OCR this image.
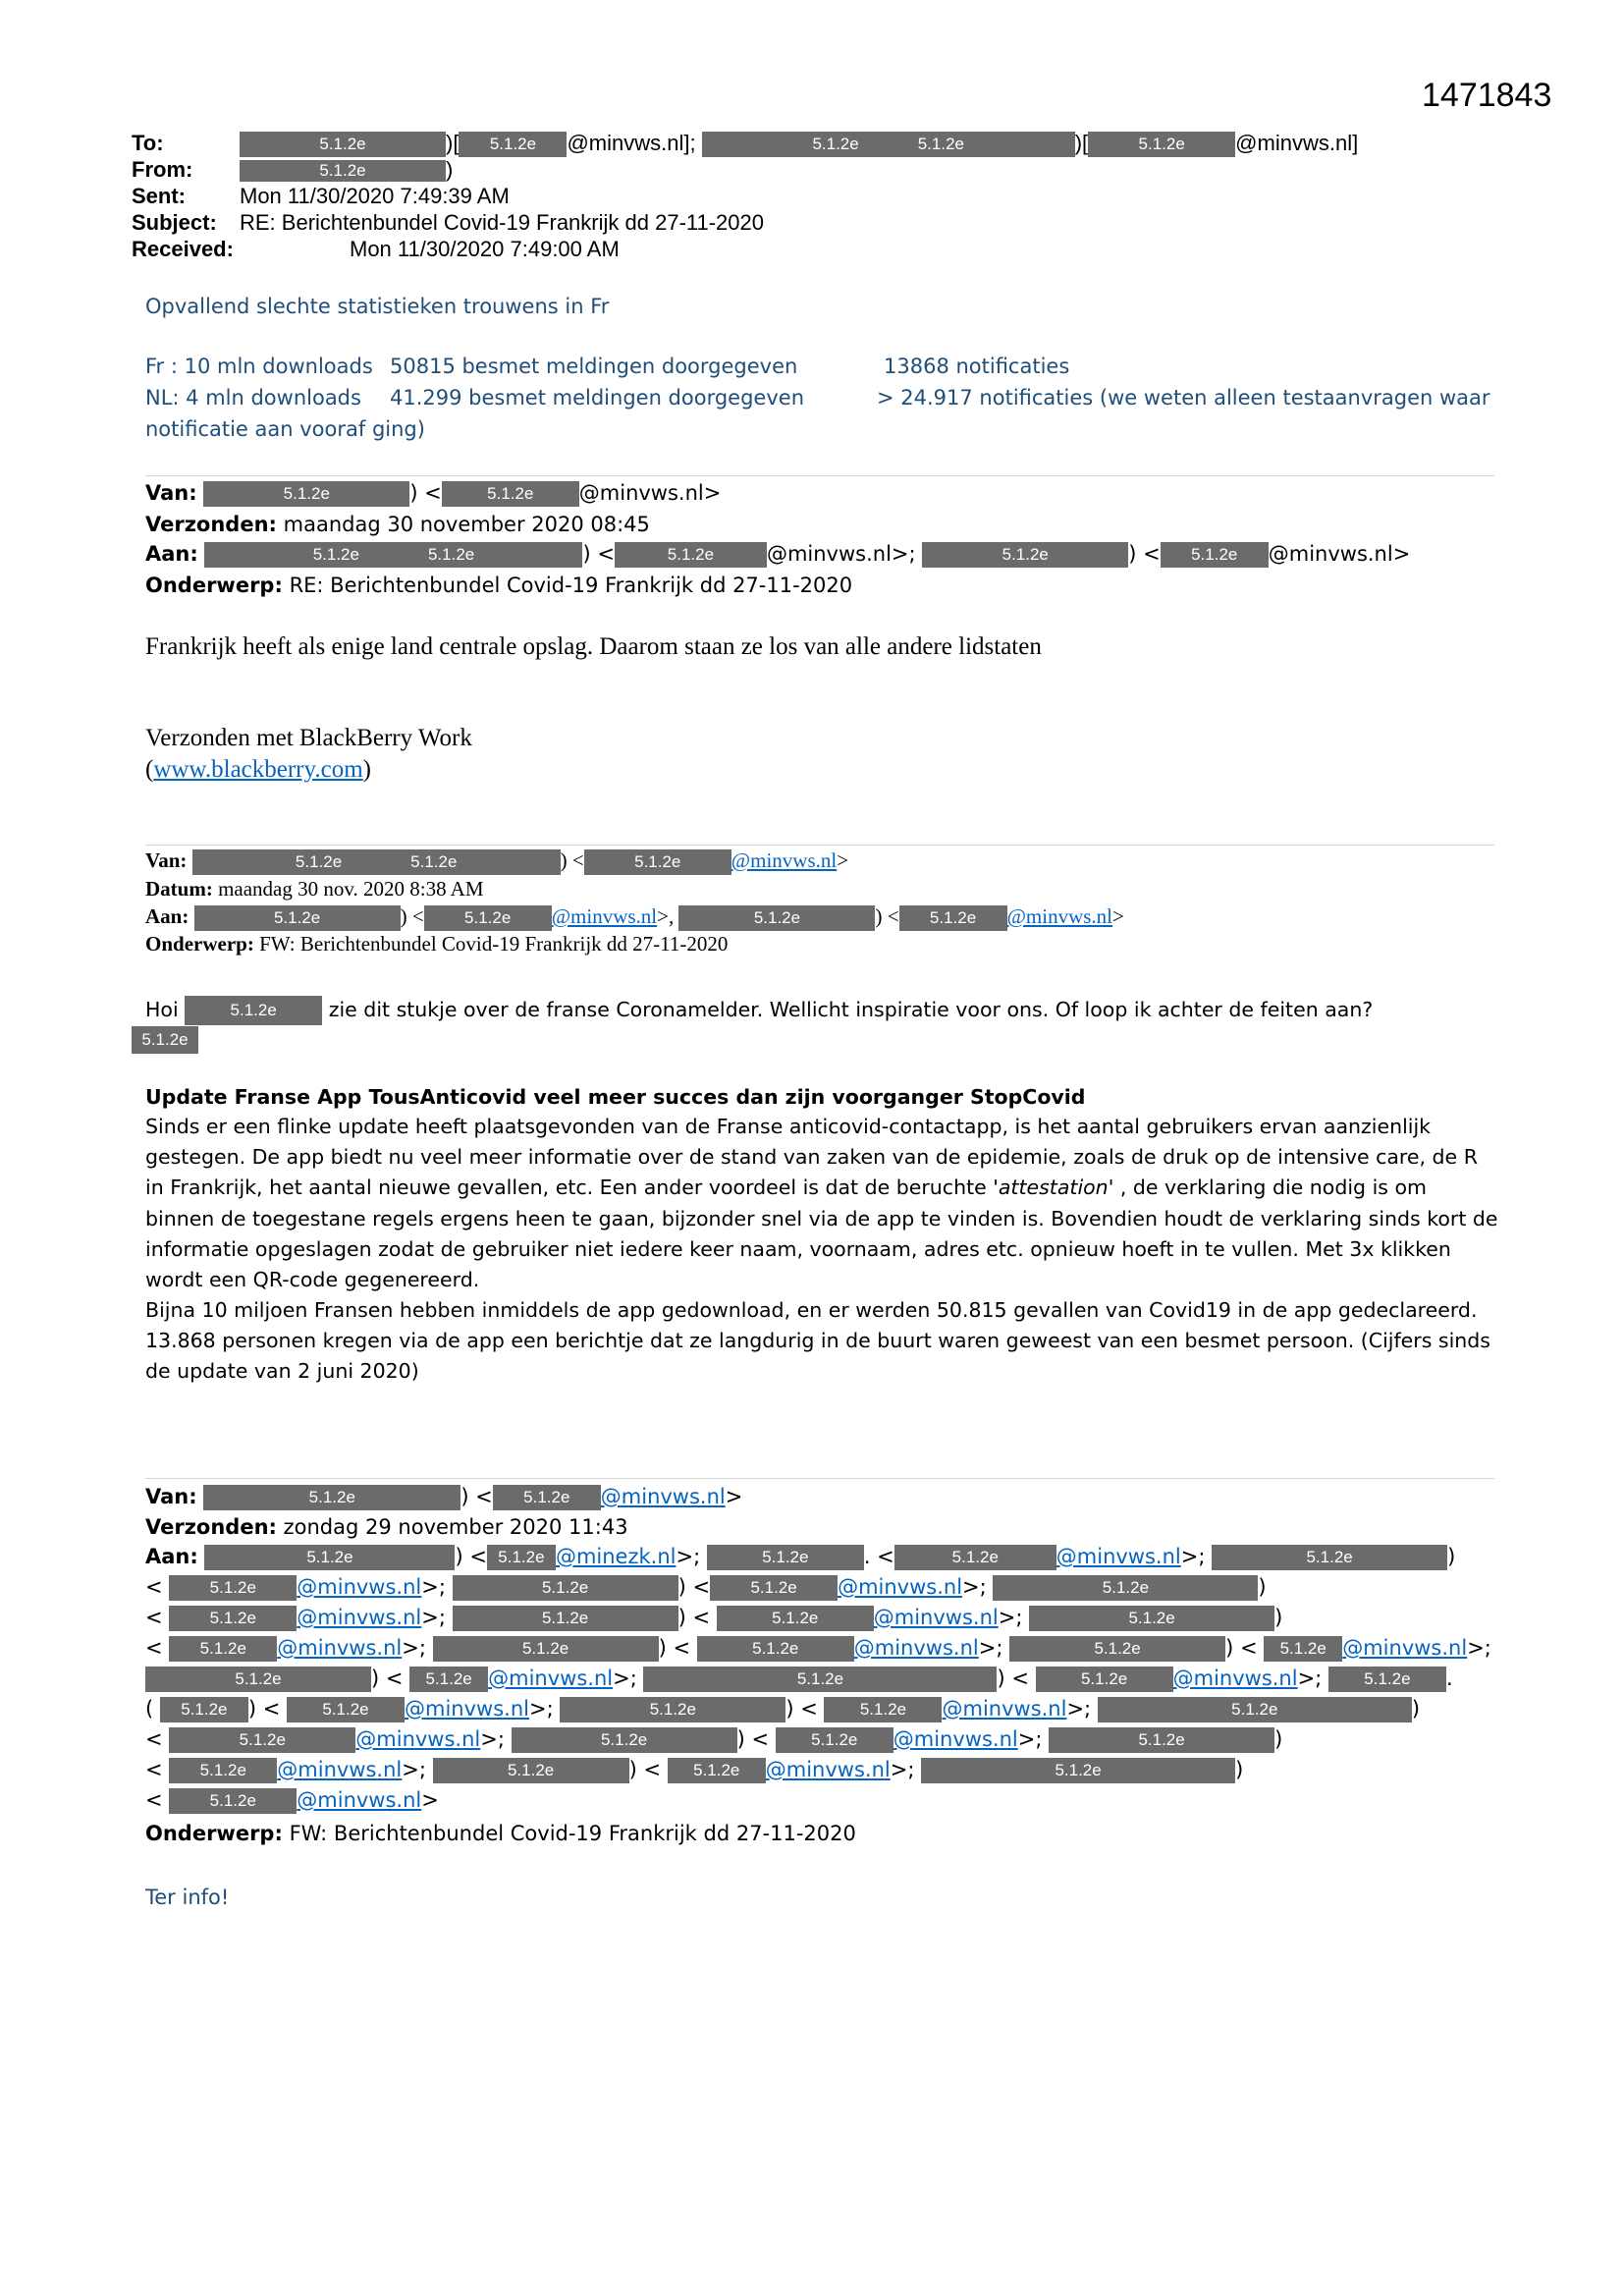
1471843
To:	5.1.2e	)[ 5.1.2e @minvws.nl];	5.1.2e	5.1.2e	)[	5.1.2e @minvws.nl]
From:	5.1.2e	)
Sent:	Mon 11/30/2020 7:49:39 AM
Subject: RE: Berichtenbundel Covid-19 Frankrijk dd 27-11-2020
Received:	Mon 11/30/2020 7:49:00 AM
Opvallend slechte statistieken trouwens in Fr
Fr : 10 mln downloads 50815 besmet meldingen doorgegeven	13868 notificaties
NL: 4 mln downloads 41.299 besmet meldingen doorgegeven	> 24.917 notificaties (we weten alleen testaanvragen waar
notificatie aan vooraf ging)
Van:	5.1.2e	) <	5.1.2e @minvws.nl>
Verzonden: maandag 30 november 2020 08:45
Aan:	5.1.2e	5.1.2e	) <	5.1.2e	@minvws.nl>;	5.1.2e	) < 5.1.2e @minvws.nl>
Onderwerp: RE: Berichtenbundel Covid-19 Frankrijk dd 27-11-2020
Frankrijk heeft als enige land centrale opslag. Daarom staan ze los van alle andere lidstaten
Verzonden met BlackBerry Work
(www.blackberry.com)
Van:	5.1.2e	5.1.2e	) <	5.1.2e @minvws.nl>
Datum: maandag 30 nov. 2020 8:38 AM
Aan:	5.1.2e	) < 5.1.2e @minvws.nl>,	5.1.2e	) < 5.1.2e @minvws.nl>
Onderwerp: FW: Berichtenbundel Covid-19 Frankrijk dd 27-11-2020
Hoi	5.1.2e	zie dit stukje over de franse Coronamelder. Wellicht inspiratie voor ons. Of loop ik achter de feiten aan?
5.1.2e
Update Franse App TousAnticovid veel meer succes dan zijn voorganger StopCovid
Sinds er een flinke update heeft plaatsgevonden van de Franse anticovid-contactapp, is het aantal gebruikers ervan aanzienlijk gestegen. De app biedt nu veel meer informatie over de stand van zaken van de epidemie, zoals de druk op de intensive care, de R in Frankrijk, het aantal nieuwe gevallen, etc. Een ander voordeel is dat de beruchte 'attestation' , de verklaring die nodig is om binnen de toegestane regels ergens heen te gaan, bijzonder snel via de app te vinden is. Bovendien houdt de verklaring sinds kort de informatie opgeslagen zodat de gebruiker niet iedere keer naam, voornaam, adres etc. opnieuw hoeft in te vullen. Met 3x klikken wordt een QR-code gegenereerd.
Bijna 10 miljoen Fransen hebben inmiddels de app gedownload, en er werden 50.815 gevallen van Covid19 in de app gedeclareerd. 13.868 personen kregen via de app een berichtje dat ze langdurig in de buurt waren geweest van een besmet persoon. (Cijfers sinds de update van 2 juni 2020)
Van:	5.1.2e	) < 5.1.2e @minvws.nl>
Verzonden: zondag 29 november 2020 11:43
Aan:	5.1.2e	) < 5.1.2e @minezk.nl>;	5.1.2e	. <	5.1.2e	@minvws.nl>;	5.1.2e	)
< 5.1.2e @minvws.nl>;	5.1.2e	) < 5.1.2e @minvws.nl>;	5.1.2e	)
< 5.1.2e @minvws.nl>;	5.1.2e	) <	5.1.2e	@minvws.nl>;	5.1.2e	)
< 5.1.2e @minvws.nl>;	5.1.2e	) <	5.1.2e	@minvws.nl>;	5.1.2e	) < 5.1.2e @minvws.nl>;
5.1.2e	) < 5.1.2e @minvws.nl>;	5.1.2e	) <	5.1.2e @minvws.nl>; 5.1.2e .
( 5.1.2e ) < 5.1.2e @minvws.nl>;	5.1.2e	) < 5.1.2e @minvws.nl>;	5.1.2e	)
<	5.1.2e	@minvws.nl>;	5.1.2e	) < 5.1.2e @minvws.nl>;	5.1.2e	)
< 5.1.2e @minvws.nl>;	5.1.2e	) < 5.1.2e @minvws.nl>;	5.1.2e	)
< 5.1.2e @minvws.nl>
Onderwerp: FW: Berichtenbundel Covid-19 Frankrijk dd 27-11-2020
Ter info!
